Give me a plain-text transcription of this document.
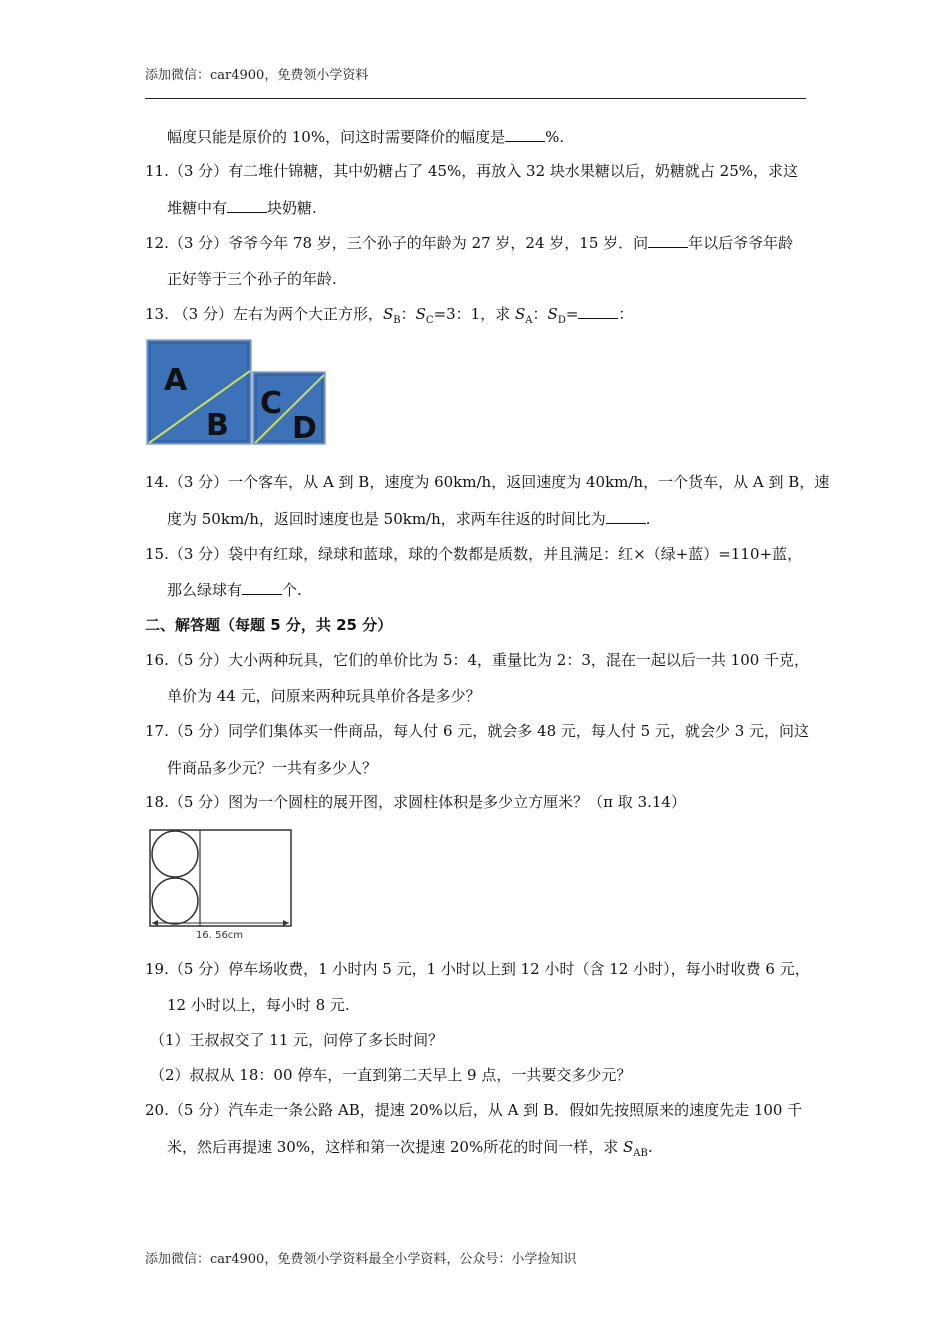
添加微信：car4900，免费领小学资料
幅度只能是原价的 10%，问这时需要降价的幅度是	%.
11.（3 分）有二堆什锦糖，其中奶糖占了 45%，再放入 32 块水果糖以后，奶糖就占 25%，求这
堆糖中有	块奶糖.
12.（3 分）爷爷今年 78 岁，三个孙子的年龄为 27 岁，24 岁，15 岁．问	年以后爷爷年龄
正好等于三个孙子的年龄.
13. （3 分）左右为两个大正方形，$S_B$：$S_C=3$：1，求 $S_A$：$S_D=$	：
A
B
C
D
14.（3 分）一个客车，从 A 到 B，速度为 60km/h，返回速度为 40km/h，一个货车，从 A 到 B，速
度为 50km/h，返回时速度也是 50km/h，求两车往返的时间比为	.
15.（3 分）袋中有红球，绿球和蓝球，球的个数都是质数，并且满足：红×（绿+蓝）=110+蓝，
那么绿球有	个.
二、解答题（每题 5 分，共 25 分）
16.（5 分）大小两种玩具，它们的单价比为 5：4，重量比为 2：3，混在一起以后一共 100 千克，
单价为 44 元，问原来两种玩具单价各是多少？
17.（5 分）同学们集体买一件商品，每人付 6 元，就会多 48 元，每人付 5 元，就会少 3 元，问这
件商品多少元？一共有多少人？
18.（5 分）图为一个圆柱的展开图，求圆柱体积是多少立方厘米？（π 取 3.14）
16. 56cm
19.（5 分）停车场收费，1 小时内 5 元，1 小时以上到 12 小时（含 12 小时），每小时收费 6 元，
12 小时以上，每小时 8 元.
（1）王叔叔交了 11 元，问停了多长时间？
（2）叔叔从 18：00 停车，一直到第二天早上 9 点，一共要交多少元？
20.（5 分）汽车走一条公路 AB，提速 20%以后，从 A 到 B．假如先按照原来的速度先走 100 千
米，然后再提速 30%，这样和第一次提速 20%所花的时间一样，求 $S_{AB}$.
添加微信：car4900，免费领小学资料最全小学资料，公众号：小学捡知识
